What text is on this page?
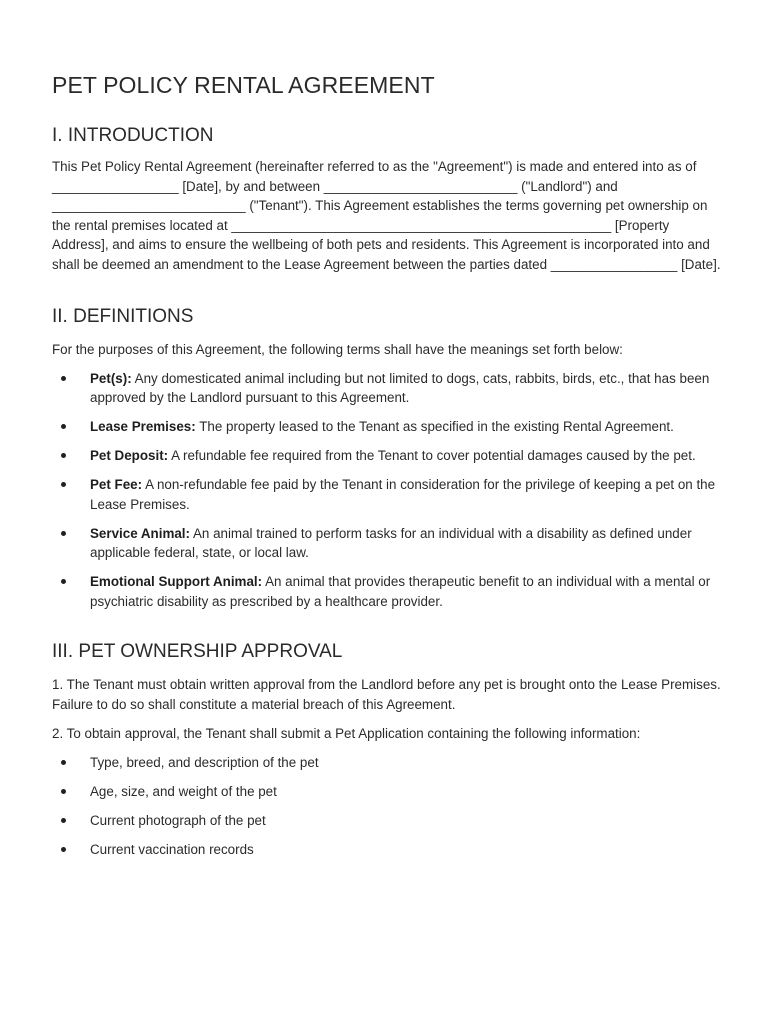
PET POLICY RENTAL AGREEMENT
I. INTRODUCTION

This Pet Policy Rental Agreement (hereinafter referred to as the "Agreement") is made and entered into as of _________________ [Date], by and between __________________________ ("Landlord") and __________________________ ("Tenant"). This Agreement establishes the terms governing pet ownership on the rental premises located at ___________________________________________________ [Property Address], and aims to ensure the wellbeing of both pets and residents. This Agreement is incorporated into and shall be deemed an amendment to the Lease Agreement between the parties dated _________________ [Date].

II. DEFINITIONS

For the purposes of this Agreement, the following terms shall have the meanings set forth below:

Pet(s): Any domesticated animal including but not limited to dogs, cats, rabbits, birds, etc., that has been approved by the Landlord pursuant to this Agreement.
Lease Premises: The property leased to the Tenant as specified in the existing Rental Agreement.
Pet Deposit: A refundable fee required from the Tenant to cover potential damages caused by the pet.
Pet Fee: A non-refundable fee paid by the Tenant in consideration for the privilege of keeping a pet on the Lease Premises.
Service Animal: An animal trained to perform tasks for an individual with a disability as defined under applicable federal, state, or local law.
Emotional Support Animal: An animal that provides therapeutic benefit to an individual with a mental or psychiatric disability as prescribed by a healthcare provider.
III. PET OWNERSHIP APPROVAL

1. The Tenant must obtain written approval from the Landlord before any pet is brought onto the Lease Premises. Failure to do so shall constitute a material breach of this Agreement.

2. To obtain approval, the Tenant shall submit a Pet Application containing the following information:

Type, breed, and description of the pet
Age, size, and weight of the pet
Current photograph of the pet
Current vaccination records
